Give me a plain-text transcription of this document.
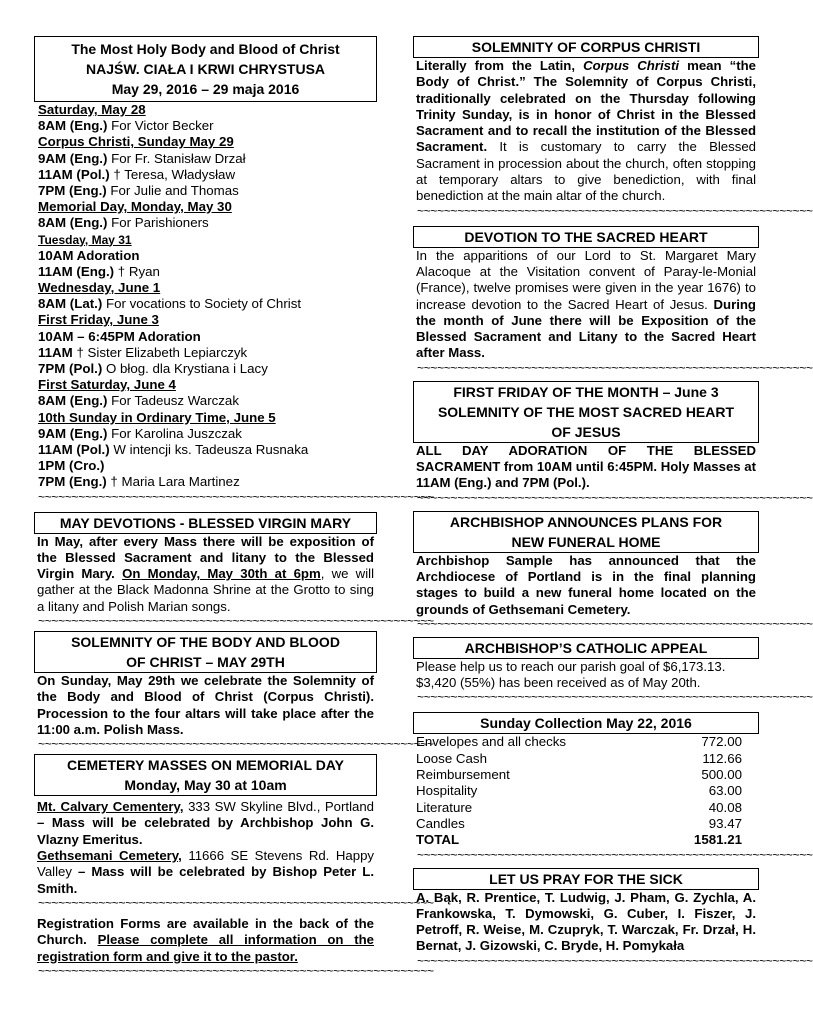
The Most Holy Body and Blood of Christ
NAJŚW. CIAŁA I KRWI CHRYSTUSA
May 29, 2016 – 29 maja 2016
Saturday, May 28
8AM (Eng.) For Victor Becker
Corpus Christi, Sunday May 29
9AM (Eng.) For Fr. Stanisław Drzał
11AM (Pol.) † Teresa, Władysław
7PM (Eng.) For Julie and Thomas
Memorial Day, Monday, May 30
8AM (Eng.) For Parishioners
Tuesday, May 31
10AM Adoration
11AM (Eng.) † Ryan
Wednesday, June 1
8AM (Lat.) For vocations to Society of Christ
First Friday, June 3
10AM – 6:45PM Adoration
11AM † Sister Elizabeth Lepiarczyk
7PM (Pol.) O błog. dla Krystiana i Lacy
First Saturday, June 4
8AM (Eng.) For Tadeusz Warczak
10th Sunday in Ordinary Time, June 5
9AM (Eng.) For Karolina Juszczak
11AM (Pol.) W intencji ks. Tadeusza Rusnaka
1PM (Cro.)
7PM (Eng.) † Maria Lara Martinez
~~~~~~~~~~~~~~~~~~~~~~~~~~~~~~~~~~~~~~~~~~~~~~~~~~~~~~~~~~~
MAY DEVOTIONS - BLESSED VIRGIN MARY
In May, after every Mass there will be exposition of the Blessed Sacrament and litany to the Blessed Virgin Mary. On Monday, May 30th at 6pm, we will gather at the Black Madonna Shrine at the Grotto to sing a litany and Polish Marian songs.
~~~~~~~~~~~~~~~~~~~~~~~~~~~~~~~~~~~~~~~~~~~~~~~~~~~~~~~~~~~
SOLEMNITY OF THE BODY AND BLOOD
OF CHRIST – MAY 29TH
On Sunday, May 29th we celebrate the Solemnity of the Body and Blood of Christ (Corpus Christi). Procession to the four altars will take place after the 11:00 a.m. Polish Mass.
~~~~~~~~~~~~~~~~~~~~~~~~~~~~~~~~~~~~~~~~~~~~~~~~~~~~~~~~~~~
CEMETERY MASSES ON MEMORIAL DAY
Monday, May 30 at 10am
Mt. Calvary Cementery, 333 SW Skyline Blvd., Portland – Mass will be celebrated by Archbishop John G. Vlazny Emeritus.
Gethsemani Cemetery, 11666 SE Stevens Rd. Happy Valley – Mass will be celebrated by Bishop Peter L. Smith.
~~~~~~~~~~~~~~~~~~~~~~~~~~~~~~~~~~~~~~~~~~~~~~~~~~~~~~~~~~~
Registration Forms are available in the back of the Church. Please complete all information on the registration form and give it to the pastor.
~~~~~~~~~~~~~~~~~~~~~~~~~~~~~~~~~~~~~~~~~~~~~~~~~~~~~~~~~~~
SOLEMNITY OF CORPUS CHRISTI
Literally from the Latin, Corpus Christi mean “the Body of Christ.” The Solemnity of Corpus Christi, traditionally celebrated on the Thursday following Trinity Sunday, is in honor of Christ in the Blessed Sacrament and to recall the institution of the Blessed Sacrament. It is customary to carry the Blessed Sacrament in procession about the church, often stopping at temporary altars to give benediction, with final benediction at the main altar of the church.
~~~~~~~~~~~~~~~~~~~~~~~~~~~~~~~~~~~~~~~~~~~~~~~~~~~~~~~~~~~
DEVOTION TO THE SACRED HEART
In the apparitions of our Lord to St. Margaret Mary Alacoque at the Visitation convent of Paray-le-Monial (France), twelve promises were given in the year 1676) to increase devotion to the Sacred Heart of Jesus. During the month of June there will be Exposition of the Blessed Sacrament and Litany to the Sacred Heart after Mass.
~~~~~~~~~~~~~~~~~~~~~~~~~~~~~~~~~~~~~~~~~~~~~~~~~~~~~~~~~~~
FIRST FRIDAY OF THE MONTH – June 3
SOLEMNITY OF THE MOST SACRED HEART
OF JESUS
ALL DAY ADORATION OF THE BLESSED SACRAMENT from 10AM until 6:45PM. Holy Masses at 11AM (Eng.) and 7PM (Pol.).
~~~~~~~~~~~~~~~~~~~~~~~~~~~~~~~~~~~~~~~~~~~~~~~~~~~~~~~~~~~
ARCHBISHOP ANNOUNCES PLANS FOR
NEW FUNERAL HOME
Archbishop Sample has announced that the Archdiocese of Portland is in the final planning stages to build a new funeral home located on the grounds of Gethsemani Cemetery.
~~~~~~~~~~~~~~~~~~~~~~~~~~~~~~~~~~~~~~~~~~~~~~~~~~~~~~~~~~~
ARCHBISHOP’S CATHOLIC APPEAL
Please help us to reach our parish goal of $6,173.13. $3,420 (55%) has been received as of May 20th.
~~~~~~~~~~~~~~~~~~~~~~~~~~~~~~~~~~~~~~~~~~~~~~~~~~~~~~~~~~~
Sunday Collection May 22, 2016
Envelopes and all checks	772.00
Loose Cash	112.66
Reimbursement	500.00
Hospitality	63.00
Literature	40.08
Candles	93.47
TOTAL	1581.21
~~~~~~~~~~~~~~~~~~~~~~~~~~~~~~~~~~~~~~~~~~~~~~~~~~~~~~~~~~~
LET US PRAY FOR THE SICK
A. Bąk, R. Prentice, T. Ludwig, J. Pham, G. Zychla, A. Frankowska, T. Dymowski, G. Cuber, I. Fiszer, J. Petroff, R. Weise, M. Czupryk, T. Warczak, Fr. Drzał, H. Bernat, J. Gizowski, C. Bryde, H. Pomykała
~~~~~~~~~~~~~~~~~~~~~~~~~~~~~~~~~~~~~~~~~~~~~~~~~~~~~~~~~~~
